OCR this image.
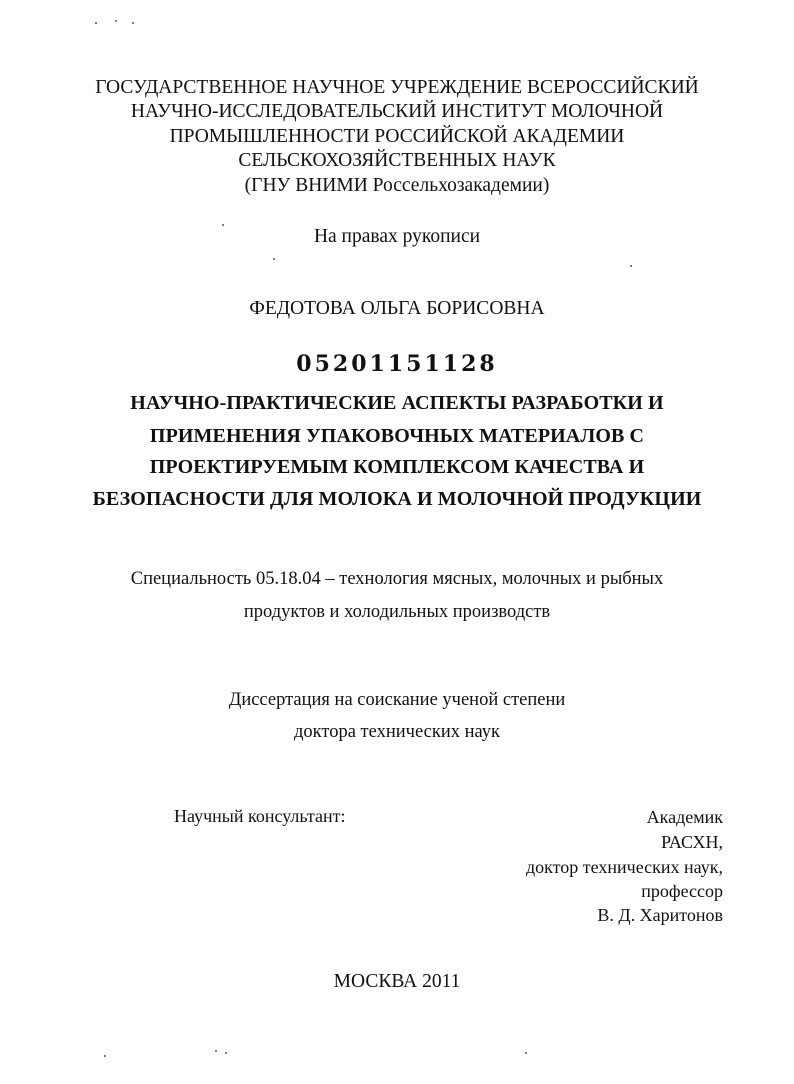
ГОСУДАРСТВЕННОЕ НАУЧНОЕ УЧРЕЖДЕНИЕ ВСЕРОССИЙСКИЙ
НАУЧНО-ИССЛЕДОВАТЕЛЬСКИЙ ИНСТИТУТ МОЛОЧНОЙ
ПРОМЫШЛЕННОСТИ РОССИЙСКОЙ АКАДЕМИИ
СЕЛЬСКОХОЗЯЙСТВЕННЫХ НАУК
(ГНУ ВНИМИ Россельхозакадемии)
На правах рукописи
ФЕДОТОВА ОЛЬГА БОРИСОВНА
05201151128
НАУЧНО-ПРАКТИЧЕСКИЕ АСПЕКТЫ РАЗРАБОТКИ И
ПРИМЕНЕНИЯ УПАКОВОЧНЫХ МАТЕРИАЛОВ С
ПРОЕКТИРУЕМЫМ КОМПЛЕКСОМ КАЧЕСТВА И
БЕЗОПАСНОСТИ ДЛЯ МОЛОКА И МОЛОЧНОЙ ПРОДУКЦИИ
Специальность 05.18.04 – технология мясных, молочных и рыбных
продуктов и холодильных производств
Диссертация на соискание ученой степени
доктора технических наук
Научный консультант:	Академик
РАСХН,
доктор технических наук,
профессор
В. Д. Харитонов
МОСКВА 2011
